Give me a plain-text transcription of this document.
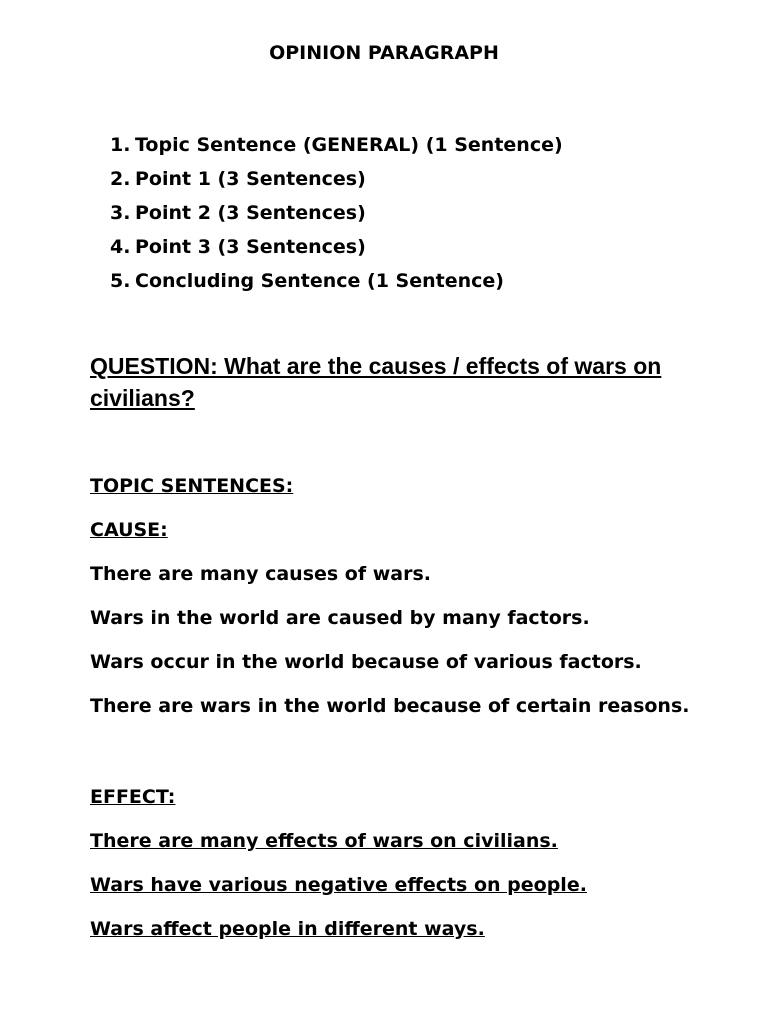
OPINION PARAGRAPH
1. Topic Sentence (GENERAL) (1 Sentence)
2. Point 1 (3 Sentences)
3. Point 2 (3 Sentences)
4. Point 3 (3 Sentences)
5. Concluding Sentence (1 Sentence)

QUESTION: What are the causes / effects of wars on civilians?

TOPIC SENTENCES:
CAUSE:
There are many causes of wars.
Wars in the world are caused by many factors.
Wars occur in the world because of various factors.
There are wars in the world because of certain reasons.
EFFECT:
There are many effects of wars on civilians.
Wars have various negative effects on people.
Wars affect people in different ways.
